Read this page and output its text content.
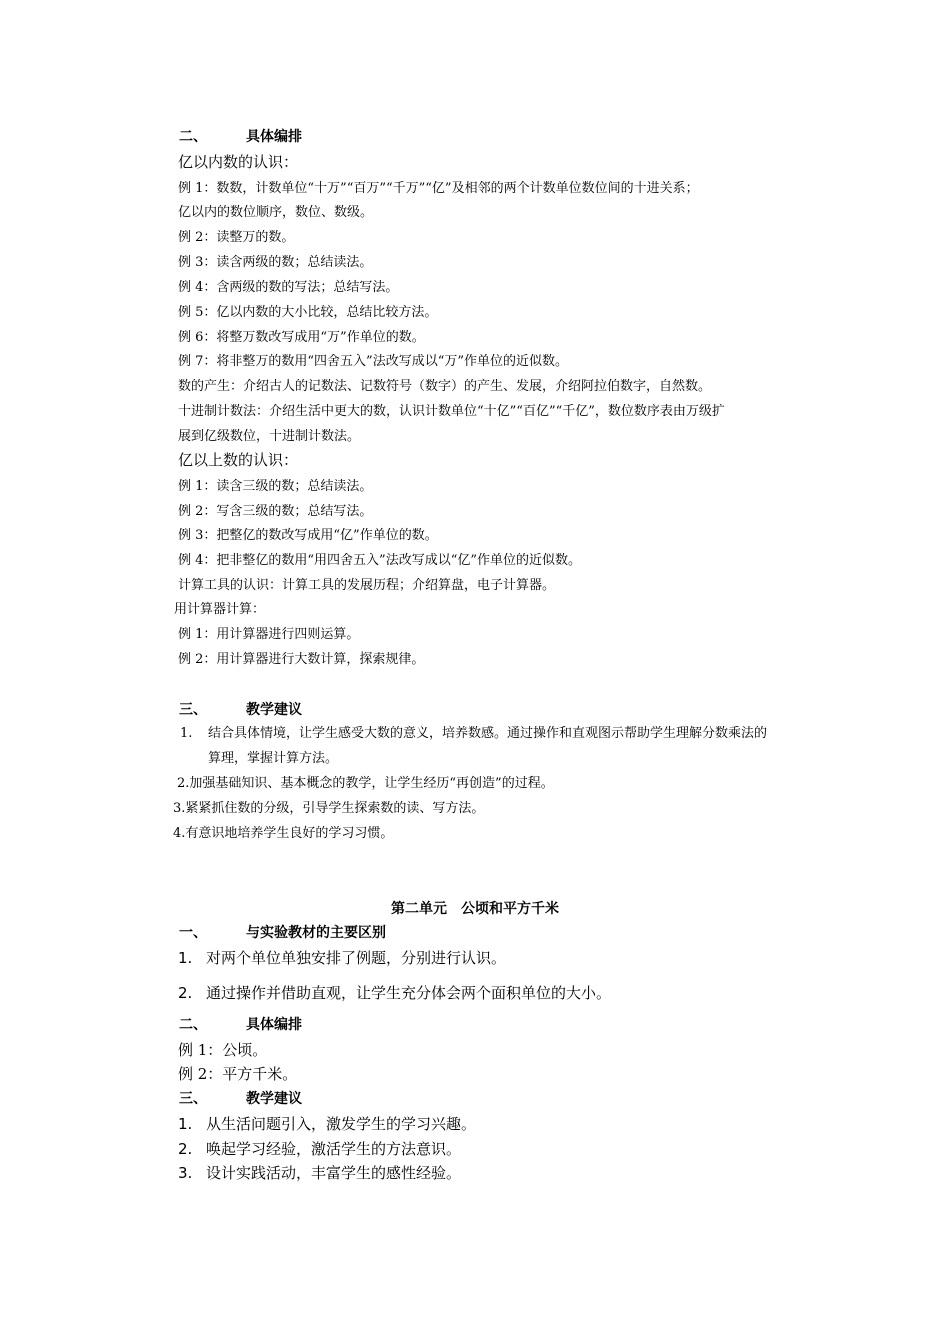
二、	具体编排
亿以内数的认识：
例 1：数数，计数单位“十万”“百万”“千万”“亿”及相邻的两个计数单位数位间的十进关系；
亿以内的数位顺序，数位、数级。
例 2：读整万的数。
例 3：读含两级的数；总结读法。
例 4：含两级的数的写法；总结写法。
例 5：亿以内数的大小比较，总结比较方法。
例 6：将整万数改写成用“万”作单位的数。
例 7：将非整万的数用“四舍五入”法改写成以“万”作单位的近似数。
数的产生：介绍古人的记数法、记数符号（数字）的产生、发展，介绍阿拉伯数字，自然数。
十进制计数法：介绍生活中更大的数，认识计数单位“十亿”“百亿”“千亿”，数位数序表由万级扩
展到亿级数位，十进制计数法。
亿以上数的认识：
例 1：读含三级的数；总结读法。
例 2：写含三级的数；总结写法。
例 3：把整亿的数改写成用“亿”作单位的数。
例 4：把非整亿的数用“用四舍五入”法改写成以“亿”作单位的近似数。
计算工具的认识：计算工具的发展历程；介绍算盘，电子计算器。
用计算器计算：
例 1：用计算器进行四则运算。
例 2：用计算器进行大数计算，探索规律。
三、	教学建议
1. 结合具体情境，让学生感受大数的意义，培养数感。通过操作和直观图示帮助学生理解分数乘法的
算理，掌握计算方法。
2.加强基础知识、基本概念的教学，让学生经历“再创造”的过程。
3.紧紧抓住数的分级，引导学生探索数的读、写方法。
4.有意识地培养学生良好的学习习惯。
第二单元　公顷和平方千米
一、	与实验教材的主要区别
1. 对两个单位单独安排了例题，分别进行认识。
2. 通过操作并借助直观，让学生充分体会两个面积单位的大小。
二、	具体编排
例 1：公顷。
例 2：平方千米。
三、	教学建议
1. 从生活问题引入，激发学生的学习兴趣。
2. 唤起学习经验，激活学生的方法意识。
3. 设计实践活动，丰富学生的感性经验。
